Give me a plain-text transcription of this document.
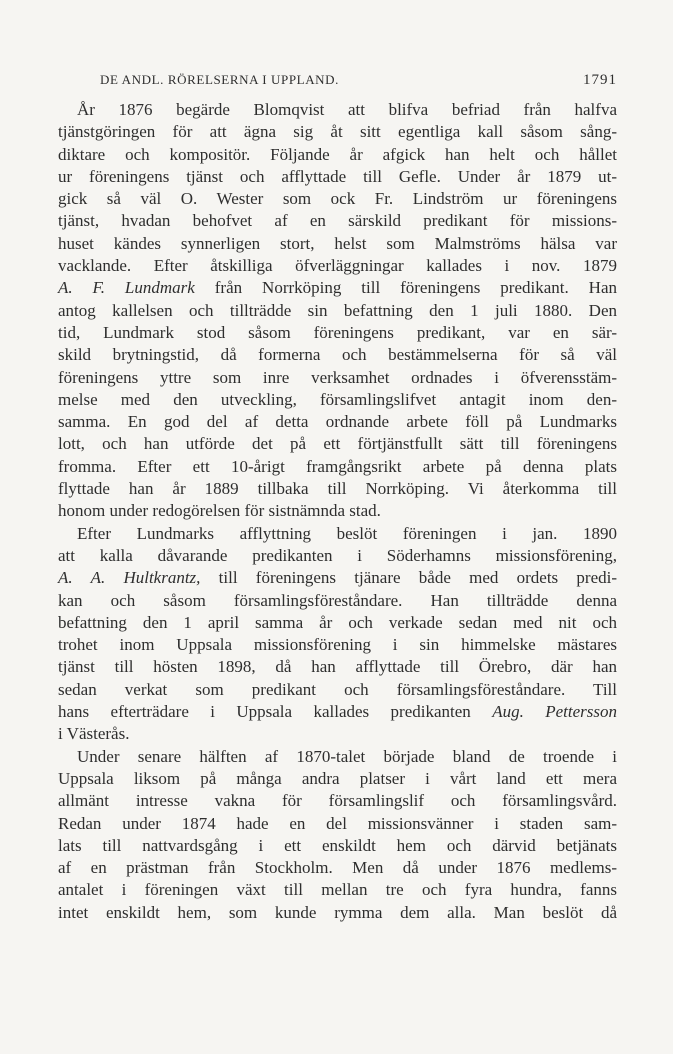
DE ANDL. RÖRELSERNA I UPPLAND.	1791
År 1876 begärde Blomqvist att blifva befriad från halfva
tjänstgöringen för att ägna sig åt sitt egentliga kall såsom sång-
diktare och kompositör. Följande år afgick han helt och hållet
ur föreningens tjänst och afflyttade till Gefle. Under år 1879 ut-
gick så väl O. Wester som ock Fr. Lindström ur föreningens
tjänst, hvadan behofvet af en särskild predikant för missions-
huset kändes synnerligen stort, helst som Malmströms hälsa var
vacklande. Efter åtskilliga öfverläggningar kallades i nov. 1879
A. F. Lundmark från Norrköping till föreningens predikant. Han
antog kallelsen och tillträdde sin befattning den 1 juli 1880. Den
tid, Lundmark stod såsom föreningens predikant, var en sär-
skild brytningstid, då formerna och bestämmelserna för så väl
föreningens yttre som inre verksamhet ordnades i öfverensstäm-
melse med den utveckling, församlingslifvet antagit inom den-
samma. En god del af detta ordnande arbete föll på Lundmarks
lott, och han utförde det på ett förtjänstfullt sätt till föreningens
fromma. Efter ett 10-årigt framgångsrikt arbete på denna plats
flyttade han år 1889 tillbaka till Norrköping. Vi återkomma till
honom under redogörelsen för sistnämnda stad.
Efter Lundmarks afflyttning beslöt föreningen i jan. 1890
att kalla dåvarande predikanten i Söderhamns missionsförening,
A. A. Hultkrantz, till föreningens tjänare både med ordets predi-
kan och såsom församlingsföreståndare. Han tillträdde denna
befattning den 1 april samma år och verkade sedan med nit och
trohet inom Uppsala missionsförening i sin himmelske mästares
tjänst till hösten 1898, då han afflyttade till Örebro, där han
sedan verkat som predikant och församlingsföreståndare. Till
hans efterträdare i Uppsala kallades predikanten Aug. Pettersson
i Västerås.
Under senare hälften af 1870-talet började bland de troende i
Uppsala liksom på många andra platser i vårt land ett mera
allmänt intresse vakna för församlingslif och församlingsvård.
Redan under 1874 hade en del missionsvänner i staden sam-
lats till nattvardsgång i ett enskildt hem och därvid betjänats
af en prästman från Stockholm. Men då under 1876 medlems-
antalet i föreningen växt till mellan tre och fyra hundra, fanns
intet enskildt hem, som kunde rymma dem alla. Man beslöt då
